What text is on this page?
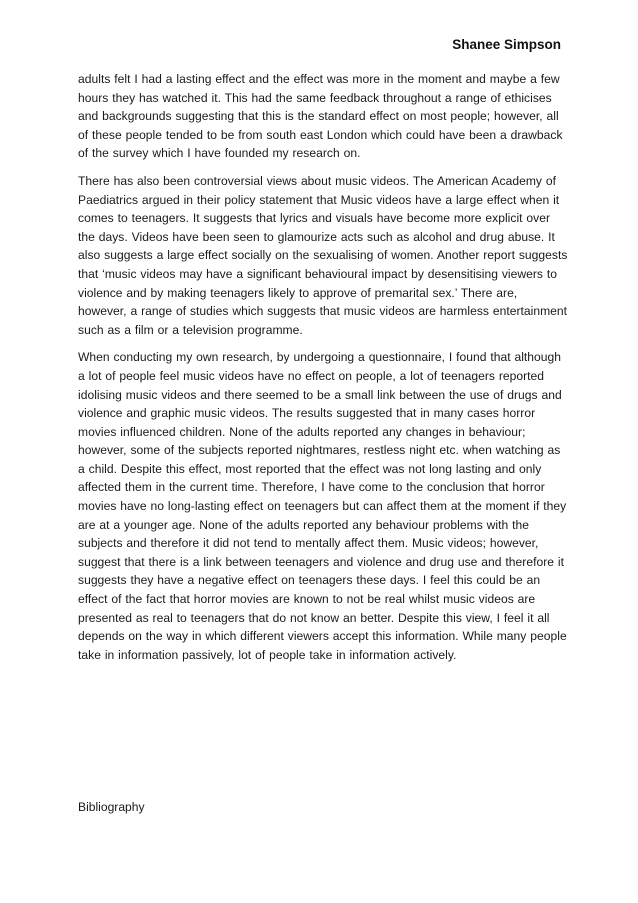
Shanee Simpson

adults felt I had a lasting effect and the effect was more in the moment and maybe a few hours they has watched it. This had the same feedback throughout a range of ethicises and backgrounds suggesting that this is the standard effect on most people; however, all of these people tended to be from south east London which could have been a drawback of the survey which I have founded my research on.

There has also been controversial views about music videos. The American Academy of Paediatrics argued in their policy statement that Music videos have a large effect when it comes to teenagers. It suggests that lyrics and visuals have become more explicit over the days. Videos have been seen to glamourize acts such as alcohol and drug abuse. It also suggests a large effect socially on the sexualising of women. Another report suggests that ‘music videos may have a significant behavioural impact by desensitising viewers to violence and by making teenagers likely to approve of premarital sex.’ There are, however, a range of studies which suggests that music videos are harmless entertainment such as a film or a television programme.

When conducting my own research, by undergoing a questionnaire, I found that although a lot of people feel music videos have no effect on people, a lot of teenagers reported idolising music videos and there seemed to be a small link between the use of drugs and violence and graphic music videos. The results suggested that in many cases horror movies influenced children. None of the adults reported any changes in behaviour; however, some of the subjects reported nightmares, restless night etc. when watching as a child. Despite this effect, most reported that the effect was not long lasting and only affected them in the current time. Therefore, I have come to the conclusion that horror movies have no long-lasting effect on teenagers but can affect them at the moment if they are at a younger age. None of the adults reported any behaviour problems with the subjects and therefore it did not tend to mentally affect them. Music videos; however, suggest that there is a link between teenagers and violence and drug use and therefore it suggests they have a negative effect on teenagers these days. I feel this could be an effect of the fact that horror movies are known to not be real whilst music videos are presented as real to teenagers that do not know an better. Despite this view, I feel it all depends on the way in which different viewers accept this information. While many people take in information passively, lot of people take in information actively.

Bibliography
